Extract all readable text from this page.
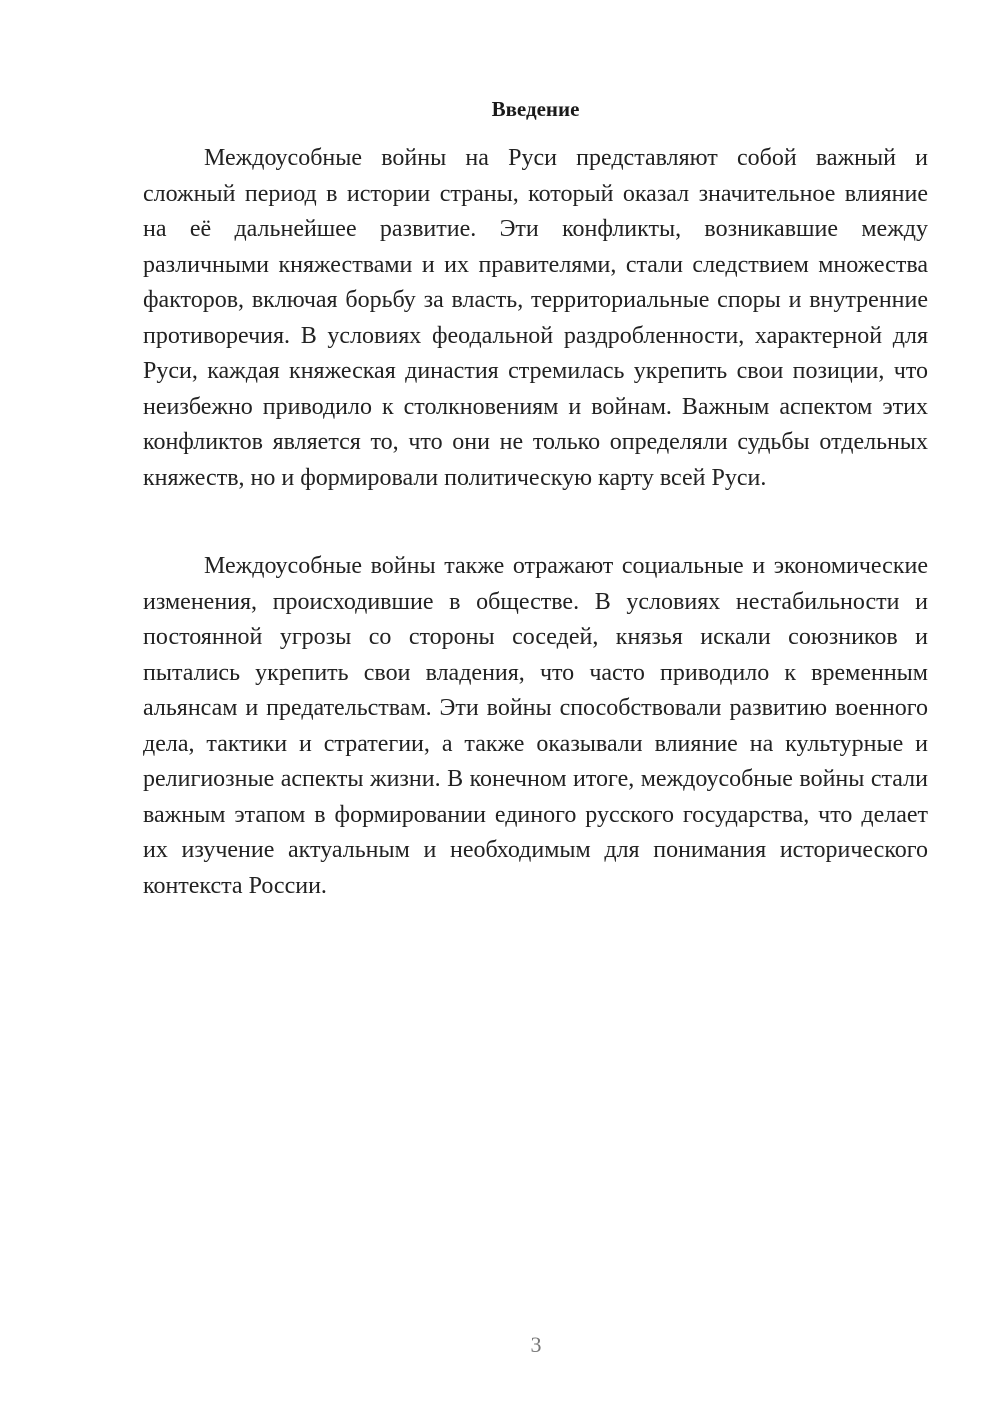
Введение

Междоусобные войны на Руси представляют собой важный и сложный период в истории страны, который оказал значительное влияние на её дальнейшее развитие. Эти конфликты, возникавшие между различными княжествами и их правителями, стали следствием множества факторов, включая борьбу за власть, территориальные споры и внутренние противоречия. В условиях феодальной раздробленности, характерной для Руси, каждая княжеская династия стремилась укрепить свои позиции, что неизбежно приводило к столкновениям и войнам. Важным аспектом этих конфликтов является то, что они не только определяли судьбы отдельных княжеств, но и формировали политическую карту всей Руси.

Междоусобные войны также отражают социальные и экономические изменения, происходившие в обществе. В условиях нестабильности и постоянной угрозы со стороны соседей, князья искали союзников и пытались укрепить свои владения, что часто приводило к временным альянсам и предательствам. Эти войны способствовали развитию военного дела, тактики и стратегии, а также оказывали влияние на культурные и религиозные аспекты жизни. В конечном итоге, междоусобные войны стали важным этапом в формировании единого русского государства, что делает их изучение актуальным и необходимым для понимания исторического контекста России.

3
